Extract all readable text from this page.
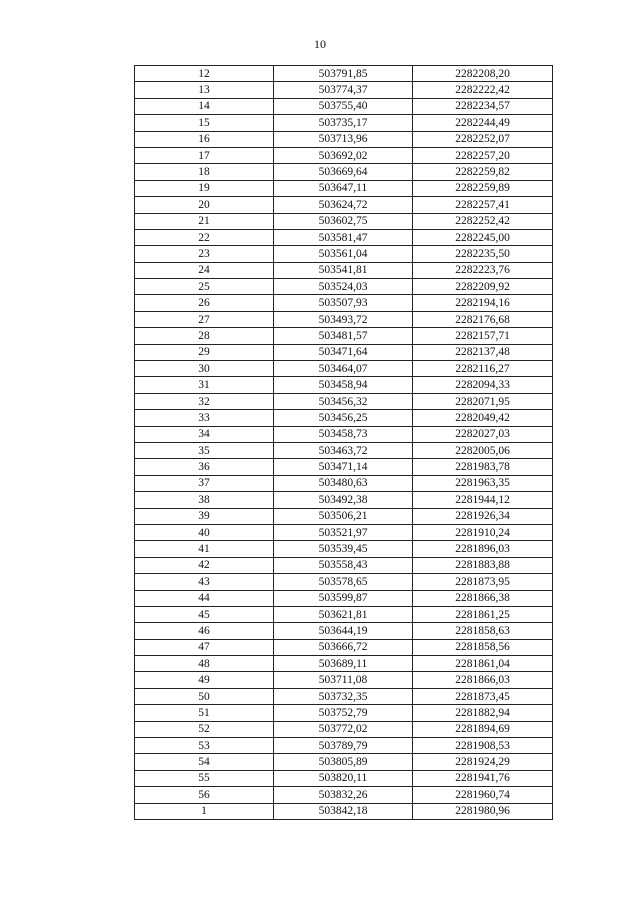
10
12	503791,85	2282208,20
13	503774,37	2282222,42
14	503755,40	2282234,57
15	503735,17	2282244,49
16	503713,96	2282252,07
17	503692,02	2282257,20
18	503669,64	2282259,82
19	503647,11	2282259,89
20	503624,72	2282257,41
21	503602,75	2282252,42
22	503581,47	2282245,00
23	503561,04	2282235,50
24	503541,81	2282223,76
25	503524,03	2282209,92
26	503507,93	2282194,16
27	503493,72	2282176,68
28	503481,57	2282157,71
29	503471,64	2282137,48
30	503464,07	2282116,27
31	503458,94	2282094,33
32	503456,32	2282071,95
33	503456,25	2282049,42
34	503458,73	2282027,03
35	503463,72	2282005,06
36	503471,14	2281983,78
37	503480,63	2281963,35
38	503492,38	2281944,12
39	503506,21	2281926,34
40	503521,97	2281910,24
41	503539,45	2281896,03
42	503558,43	2281883,88
43	503578,65	2281873,95
44	503599,87	2281866,38
45	503621,81	2281861,25
46	503644,19	2281858,63
47	503666,72	2281858,56
48	503689,11	2281861,04
49	503711,08	2281866,03
50	503732,35	2281873,45
51	503752,79	2281882,94
52	503772,02	2281894,69
53	503789,79	2281908,53
54	503805,89	2281924,29
55	503820,11	2281941,76
56	503832,26	2281960,74
1	503842,18	2281980,96
